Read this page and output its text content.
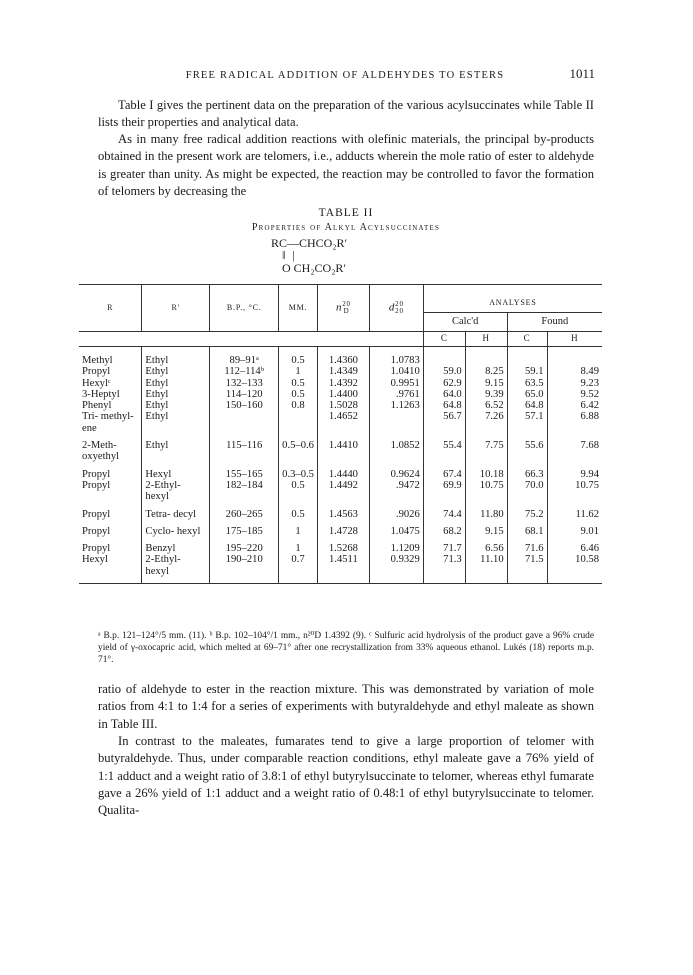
FREE RADICAL ADDITION OF ALDEHYDES TO ESTERS	1011

Table I gives the pertinent data on the preparation of the various acylsuccinates while Table II lists their properties and analytical data.

As in many free radical addition reactions with olefinic materials, the principal by-products obtained in the present work are telomers, i.e., adducts wherein the mole ratio of ester to aldehyde is greater than unity. As might be expected, the reaction may be controlled to favor the formation of telomers by decreasing the

TABLE II
Properties of Alkyl Acylsuccinates
RC—CHCO₂R′
‖ |
O CH₂CO₂R′
R	R′	B.P., °C.	MM.	n 20
D	d 20
20	ANALYSES			

						Calc'd		Found	
						C	H	C	H
Methyl	Ethyl	89–91ᵃ	0.5	1.4360	1.0783				
Propyl	Ethyl	112–114ᵇ	1	1.4349	1.0410	59.0	8.25	59.1	8.49
Hexylᶜ	Ethyl	132–133	0.5	1.4392	0.9951	62.9	9.15	63.5	9.23
3-Heptyl	Ethyl	114–120	0.5	1.4400	.9761	64.0	9.39	65.0	9.52
Phenyl	Ethyl	150–160	0.8	1.5028	1.1263	64.8	6.52	64.8	6.42
Tri- methyl- ene	Ethyl			1.4652		56.7	7.26	57.1	6.88
2-Meth- oxyethyl	Ethyl	115–116	0.5–0.6	1.4410	1.0852	55.4	7.75	55.6	7.68
Propyl	Hexyl	155–165	0.3–0.5	1.4440	0.9624	67.4	10.18	66.3	9.94
Propyl	2-Ethyl- hexyl	182–184	0.5	1.4492	.9472	69.9	10.75	70.0	10.75
Propyl	Tetra- decyl	260–265	0.5	1.4563	.9026	74.4	11.80	75.2	11.62
Propyl	Cyclo- hexyl	175–185	1	1.4728	1.0475	68.2	9.15	68.1	9.01
Propyl	Benzyl	195–220	1	1.5268	1.1209	71.7	6.56	71.6	6.46
Hexyl	2-Ethyl- hexyl	190–210	0.7	1.4511	0.9329	71.3	11.10	71.5	10.58

ᵃ B.p. 121–124°/5 mm. (11). ᵇ B.p. 102–104°/1 mm., n²⁰D 1.4392 (9). ᶜ Sulfuric acid hydrolysis of the product gave a 96% crude yield of γ-oxocapric acid, which melted at 69–71° after one recrystallization from 33% aqueous ethanol. Lukés (18) reports m.p. 71°.

ratio of aldehyde to ester in the reaction mixture. This was demonstrated by variation of mole ratios from 4:1 to 1:4 for a series of experiments with butyraldehyde and ethyl maleate as shown in Table III.

In contrast to the maleates, fumarates tend to give a large proportion of telomer with butyraldehyde. Thus, under comparable reaction conditions, ethyl maleate gave a 76% yield of 1:1 adduct and a weight ratio of 3.8:1 of ethyl butyrylsuccinate to telomer, whereas ethyl fumarate gave a 26% yield of 1:1 adduct and a weight ratio of 0.48:1 of ethyl butyrylsuccinate to telomer. Qualita-
